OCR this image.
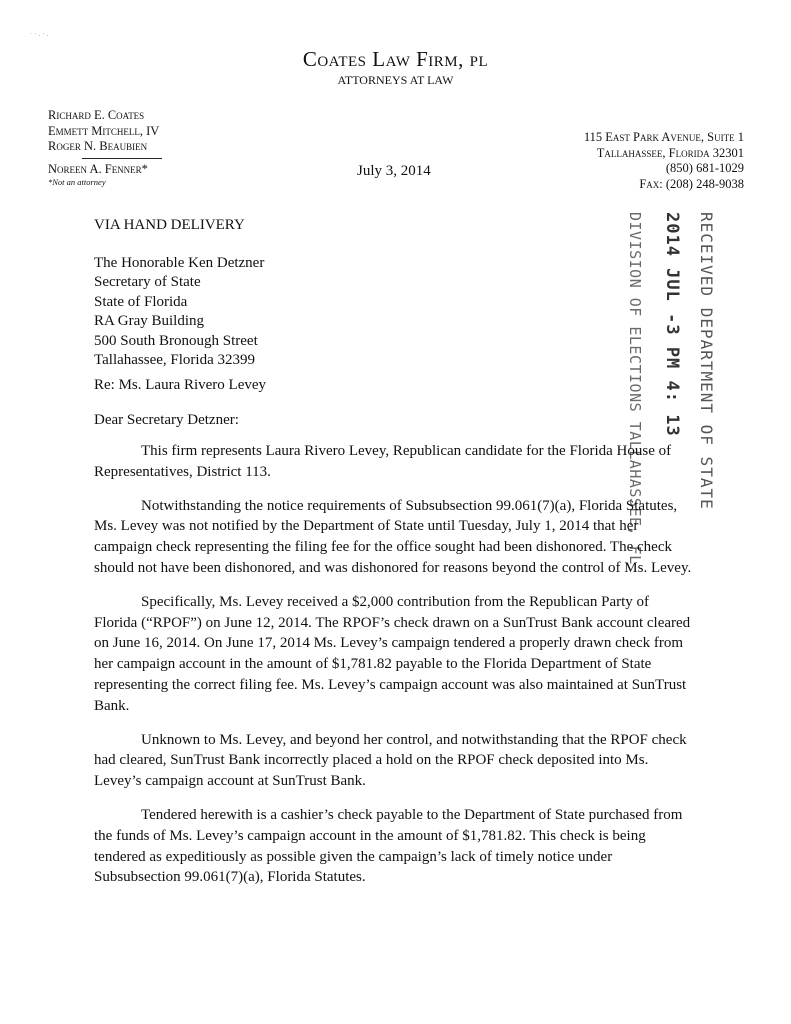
˙ ˙ · ˙ ·
Coates Law Firm, pl
ATTORNEYS AT LAW
Richard E. Coates
Emmett Mitchell, IV
Roger N. Beaubien
Noreen A. Fenner*
*Not an attorney
115 East Park Avenue, Suite 1
Tallahassee, Florida 32301
(850) 681-1029
Fax: (208) 248-9038
July 3, 2014
VIA HAND DELIVERY
The Honorable Ken Detzner
Secretary of State
State of Florida
RA Gray Building
500 South Bronough Street
Tallahassee, Florida 32399	RECEIVED DEPARTMENT OF STATE
2014 JUL -3 PM 4: 13
DIVISION OF ELECTIONS TALLAHASSEE, FL
Re: Ms. Laura Rivero Levey
Dear Secretary Detzner:

This firm represents Laura Rivero Levey, Republican candidate for the Florida House of Representatives, District 113.

Notwithstanding the notice requirements of Subsubsection 99.061(7)(a), Florida Statutes, Ms. Levey was not notified by the Department of State until Tuesday, July 1, 2014 that her campaign check representing the filing fee for the office sought had been dishonored. The check should not have been dishonored, and was dishonored for reasons beyond the control of Ms. Levey.

Specifically, Ms. Levey received a $2,000 contribution from the Republican Party of Florida (“RPOF”) on June 12, 2014. The RPOF’s check drawn on a SunTrust Bank account cleared on June 16, 2014. On June 17, 2014 Ms. Levey’s campaign tendered a properly drawn check from her campaign account in the amount of $1,781.82 payable to the Florida Department of State representing the correct filing fee. Ms. Levey’s campaign account was also maintained at SunTrust Bank.

Unknown to Ms. Levey, and beyond her control, and notwithstanding that the RPOF check had cleared, SunTrust Bank incorrectly placed a hold on the RPOF check deposited into Ms. Levey’s campaign account at SunTrust Bank.

Tendered herewith is a cashier’s check payable to the Department of State purchased from the funds of Ms. Levey’s campaign account in the amount of $1,781.82. This check is being tendered as expeditiously as possible given the campaign’s lack of timely notice under Subsubsection 99.061(7)(a), Florida Statutes.
